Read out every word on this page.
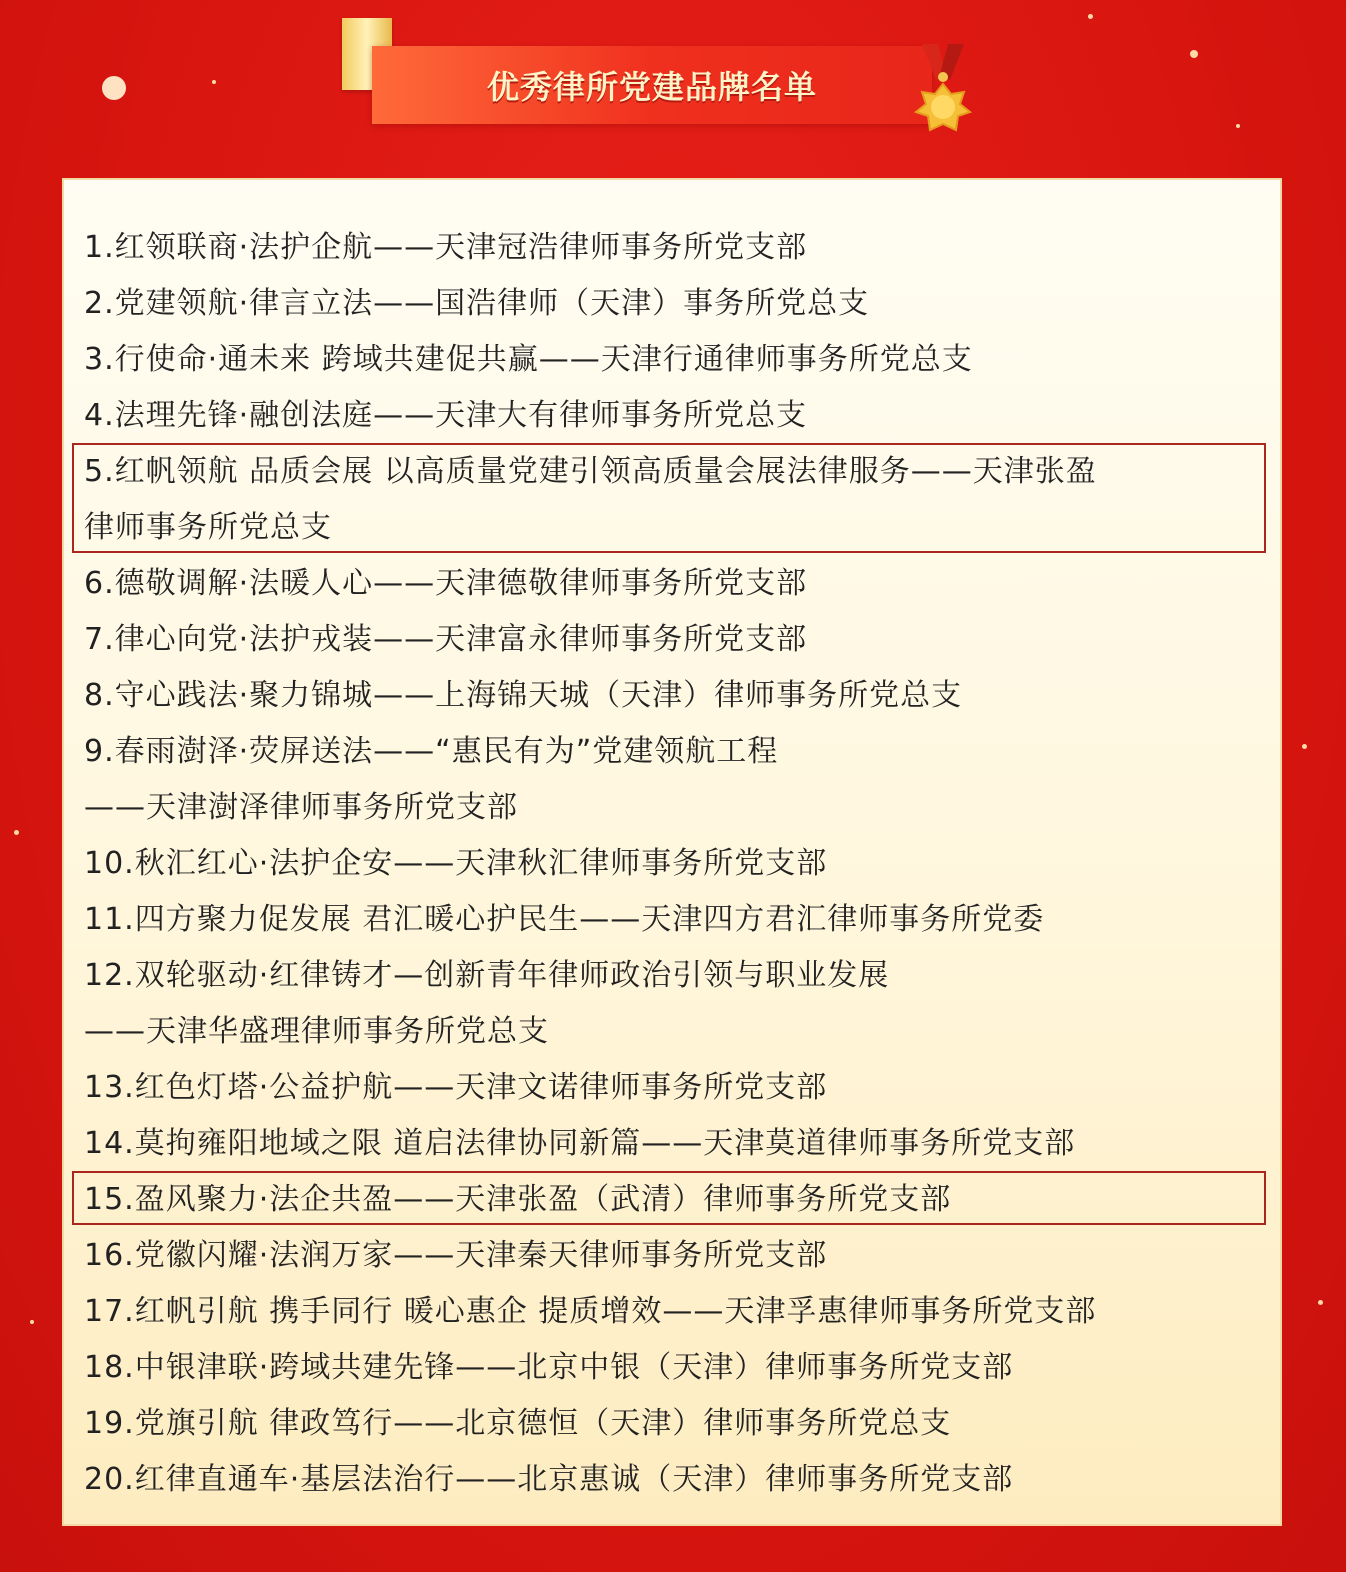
优秀律所党建品牌名单
1.红领联商·法护企航——天津冠浩律师事务所党支部
2.党建领航·律言立法——国浩律师（天津）事务所党总支
3.行使命·通未来 跨域共建促共赢——天津行通律师事务所党总支
4.法理先锋·融创法庭——天津大有律师事务所党总支
5.红帆领航 品质会展 以高质量党建引领高质量会展法律服务——天津张盈
律师事务所党总支
6.德敬调解·法暖人心——天津德敬律师事务所党支部
7.律心向党·法护戎装——天津富永律师事务所党支部
8.守心践法·聚力锦城——上海锦天城（天津）律师事务所党总支
9.春雨澍泽·荧屏送法——“惠民有为”党建领航工程
——天津澍泽律师事务所党支部
10.秋汇红心·法护企安——天津秋汇律师事务所党支部
11.四方聚力促发展 君汇暖心护民生——天津四方君汇律师事务所党委
12.双轮驱动·红律铸才—创新青年律师政治引领与职业发展
——天津华盛理律师事务所党总支
13.红色灯塔·公益护航——天津文诺律师事务所党支部
14.莫拘雍阳地域之限 道启法律协同新篇——天津莫道律师事务所党支部
15.盈风聚力·法企共盈——天津张盈（武清）律师事务所党支部
16.党徽闪耀·法润万家——天津秦天律师事务所党支部
17.红帆引航 携手同行 暖心惠企 提质增效——天津孚惠律师事务所党支部
18.中银津联·跨域共建先锋——北京中银（天津）律师事务所党支部
19.党旗引航 律政笃行——北京德恒（天津）律师事务所党总支
20.红律直通车·基层法治行——北京惠诚（天津）律师事务所党支部
